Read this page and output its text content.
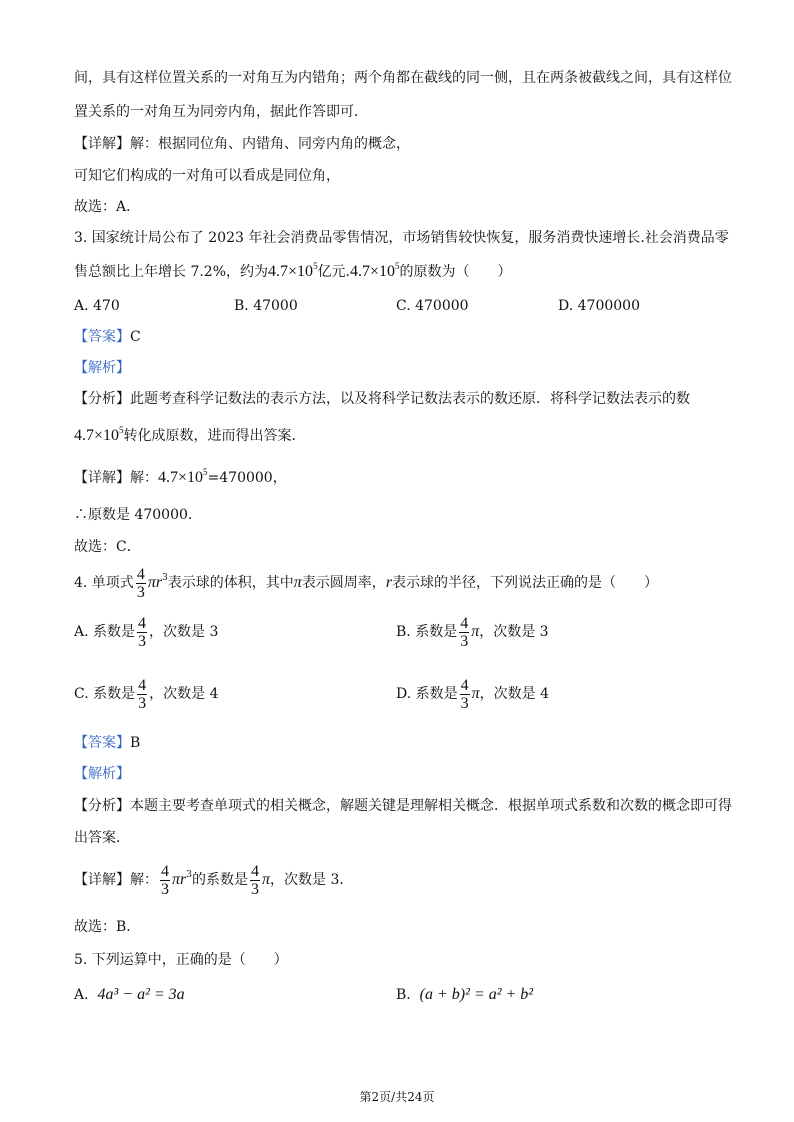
间，具有这样位置关系的一对角互为内错角；两个角都在截线的同一侧，且在两条被截线之间，具有这样位
置关系的一对角互为同旁内角，据此作答即可．
【详解】解：根据同位角、内错角、同旁内角的概念，
可知它们构成的一对角可以看成是同位角，
故选：A．
3. 国家统计局公布了 2023 年社会消费品零售情况，市场销售较快恢复，服务消费快速增长.社会消费品零
售总额比上年增长 7.2%，约为$4.7\times 10^5$亿元$.4.7\times 10^5$的原数为（　　）
A. 470	B. 47000	C. 470000	D. 4700000
【答案】C
【解析】
【分析】此题考查科学记数法的表示方法，以及将科学记数法表示的数还原．将科学记数法表示的数
$4.7\times 10^5$转化成原数，进而得出答案．
【详解】解：$4.7\times 10^5=470000$，
∴原数是 470000．
故选：C．
4. 单项式 $\frac{4}{3} \pi r^3$表示球的体积，其中π表示圆周率，r表示球的半径，下列说法正确的是（　　）
A. 系数是 $\frac{4}{3}$ ，次数是 3	B. 系数是 $\frac{4}{3}$ π，次数是 3
C. 系数是 $\frac{4}{3}$ ，次数是 4	D. 系数是 $\frac{4}{3}$ π，次数是 4
【答案】B
【解析】
【分析】本题主要考查单项式的相关概念，解题关键是理解相关概念．根据单项式系数和次数的概念即可得
出答案．
【详解】解： $\frac{4}{3} \pi r^3$的系数是 $\frac{4}{3}$ π，次数是 3．
故选：B．
5. 下列运算中，正确的是（　　）
A. 4a³ − a² = 3a	B. (a + b)² = a² + b²
第2页/共24页
